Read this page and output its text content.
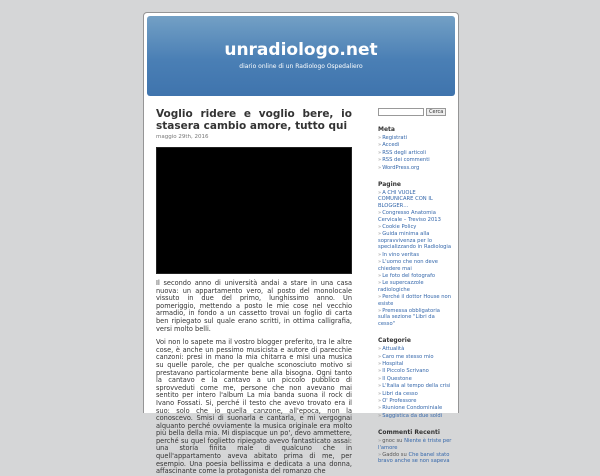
unradiologo.net
diario online di un Radiologo Ospedaliero
Voglio ridere e voglio bere, io stasera cambio amore, tutto qui
maggio 29th, 2016

Il secondo anno di università andai a stare in una casa nuova: un appartamento vero, al posto del monolocale vissuto in due del primo, lunghissimo anno. Un pomeriggio, mettendo a posto le mie cose nel vecchio armadio, in fondo a un cassetto trovai un foglio di carta ben ripiegato sul quale erano scritti, in ottima calligrafia, versi molto belli.

Voi non lo sapete ma il vostro blogger preferito, tra le altre cose, è anche un pessimo musicista e autore di parecchie canzoni: presi in mano la mia chitarra e misi una musica su quelle parole, che per qualche sconosciuto motivo si prestavano particolarmente bene alla bisogna. Ogni tanto la cantavo e la cantavo a un piccolo pubblico di sprovveduti come me, persone che non avevano mai sentito per intero l'album La mia banda suona il rock di Ivano Fossati. Si, perché il testo che avevo trovato era il suo: solo che io quella canzone, all'epoca, non la conoscevo. Smisi di suonarla e cantarla, e mi vergognai alquanto perché ovviamente la musica originale era molto più bella della mia. Mi dispiacque un po', devo ammettere, perché su quel foglietto ripiegato avevo fantasticato assai: una storia finita male di qualcuno che in quell'appartamento aveva abitato prima di me, per esempio. Una poesia bellissima e dedicata a una donna, affascinante come la protagonista del romanzo che

Cerca
Meta
»Registrati
»Accedi
»RSS degli articoli
»RSS dei commenti
»WordPress.org
Pagine
»A CHI VUOLE COMUNICARE CON IL BLOGGER…
»Congresso Anatomia Cervicale – Treviso 2013
»Cookie Policy
»Guida minima alla sopravvivenza per lo specializzando in Radiologia
»In vino veritas
»L'uomo che non deve chiedere mai
»Le foto del fotografo
»Le supercazzole radiologiche
»Perché il dottor House non esiste
»Premessa obbligatoria sulla sezione "Libri da cesso"
Categorie
»Attualità
»Caro me stesso mio
»Hospital
»Il Piccolo Scrivano
»Il Questone
»L'Italia al tempo della crisi
»Libri da cesso
»O' Professore
»Riunione Condominiale
»Saggistica da due soldi
Commenti Recenti
»gnoc su Niente è triste per l'amore
»Gaddo su Che banel stato bravo anche se non sapeva
